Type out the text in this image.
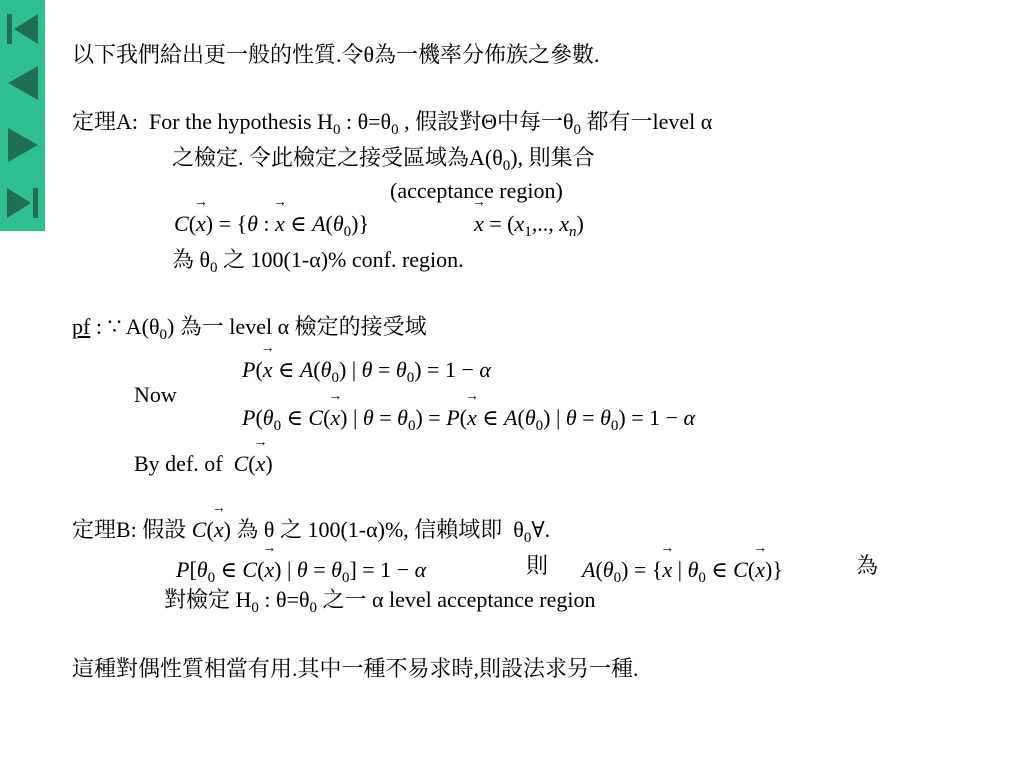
以下我們給出更一般的性質.令θ為一機率分佈族之參數.
定理A: For the hypothesis $H_0$ : $\theta=\theta_0$ , 假設對Θ中每一$\theta_0$ 都有一level α
之檢定. 令此檢定之接受區域為$A(\theta_0)$, 則集合
(acceptance region)
C(→ x) = {θ : → x ∈ $A(\theta_0)$}
→	$x = (x_1$,.., $x_n$)
為 $\theta_0$ 之 100(1-α)% conf. region.
pf : ∵ $A(\theta_0)$ 為一 level α 檢定的接受域
P(→ x ∈ $A(\theta_0)$ | $\theta = \theta_0) = 1 - \alpha$
Now
$P(\theta_0$ ∈ C(→ x) | $\theta = \theta_0) = P(\to x$ ∈ $A(\theta_0)$ | $\theta = \theta_0) = 1 - \alpha$
By def. of C(→ x)
定理B: 假設 C(→ x) 為 θ 之 100(1-α)%, 信賴域即 $\theta_0\forall$.
$P[\theta_0$ ∈ C(→ x) | $\theta = \theta_0] = 1 - \alpha$	則 $A(\theta_0)$ = {→ x | $\theta_0$ ∈ C(→ x)}	為
對檢定 $H_0$ : $\theta=\theta_0$ 之一 α level acceptance region
這種對偶性質相當有用.其中一種不易求時,則設法求另一種.
